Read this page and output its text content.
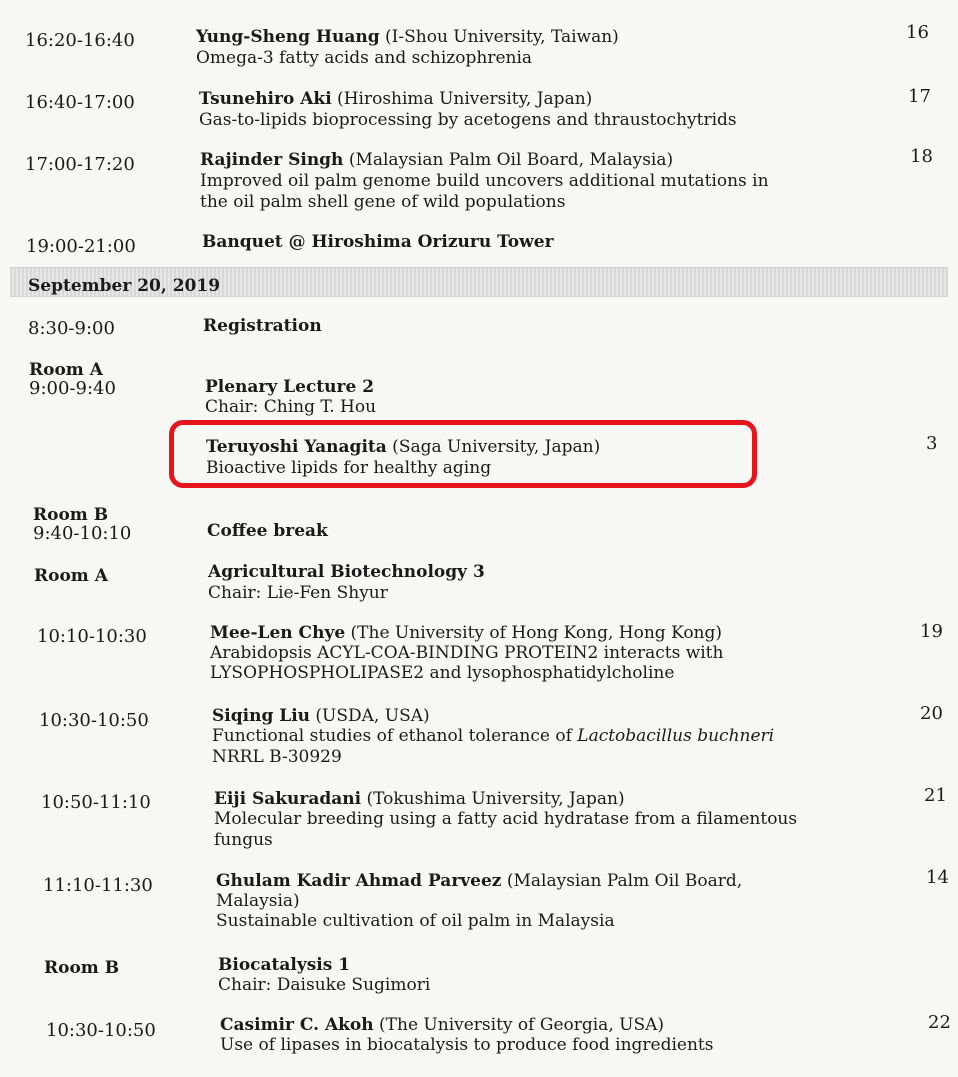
16:20-16:40	Yung-Sheng Huang (I-Shou University, Taiwan)
Omega-3 fatty acids and schizophrenia
16
16:40-17:00	Tsunehiro Aki (Hiroshima University, Japan)
Gas-to-lipids bioprocessing by acetogens and thraustochytrids
17
17:00-17:20	Rajinder Singh (Malaysian Palm Oil Board, Malaysia)
Improved oil palm genome build uncovers additional mutations in
the oil palm shell gene of wild populations
18
19:00-21:00	Banquet @ Hiroshima Orizuru Tower
September 20, 2019
8:30-9:00	Registration
Room A
9:00-9:40	Plenary Lecture 2
Chair: Ching T. Hou
Teruyoshi Yanagita (Saga University, Japan)
Bioactive lipids for healthy aging
3
Room B
9:40-10:10	Coffee break
Room A	Agricultural Biotechnology 3
Chair: Lie-Fen Shyur
10:10-10:30	Mee-Len Chye (The University of Hong Kong, Hong Kong)
Arabidopsis ACYL-COA-BINDING PROTEIN2 interacts with
LYSOPHOSPHOLIPASE2 and lysophosphatidylcholine
19
10:30-10:50	Siqing Liu (USDA, USA)
Functional studies of ethanol tolerance of Lactobacillus buchneri
NRRL B-30929
20
10:50-11:10	Eiji Sakuradani (Tokushima University, Japan)
Molecular breeding using a fatty acid hydratase from a filamentous
fungus
21
11:10-11:30	Ghulam Kadir Ahmad Parveez (Malaysian Palm Oil Board,
Malaysia)
Sustainable cultivation of oil palm in Malaysia
14
Room B	Biocatalysis 1
Chair: Daisuke Sugimori
10:30-10:50	Casimir C. Akoh (The University of Georgia, USA)
Use of lipases in biocatalysis to produce food ingredients
22
